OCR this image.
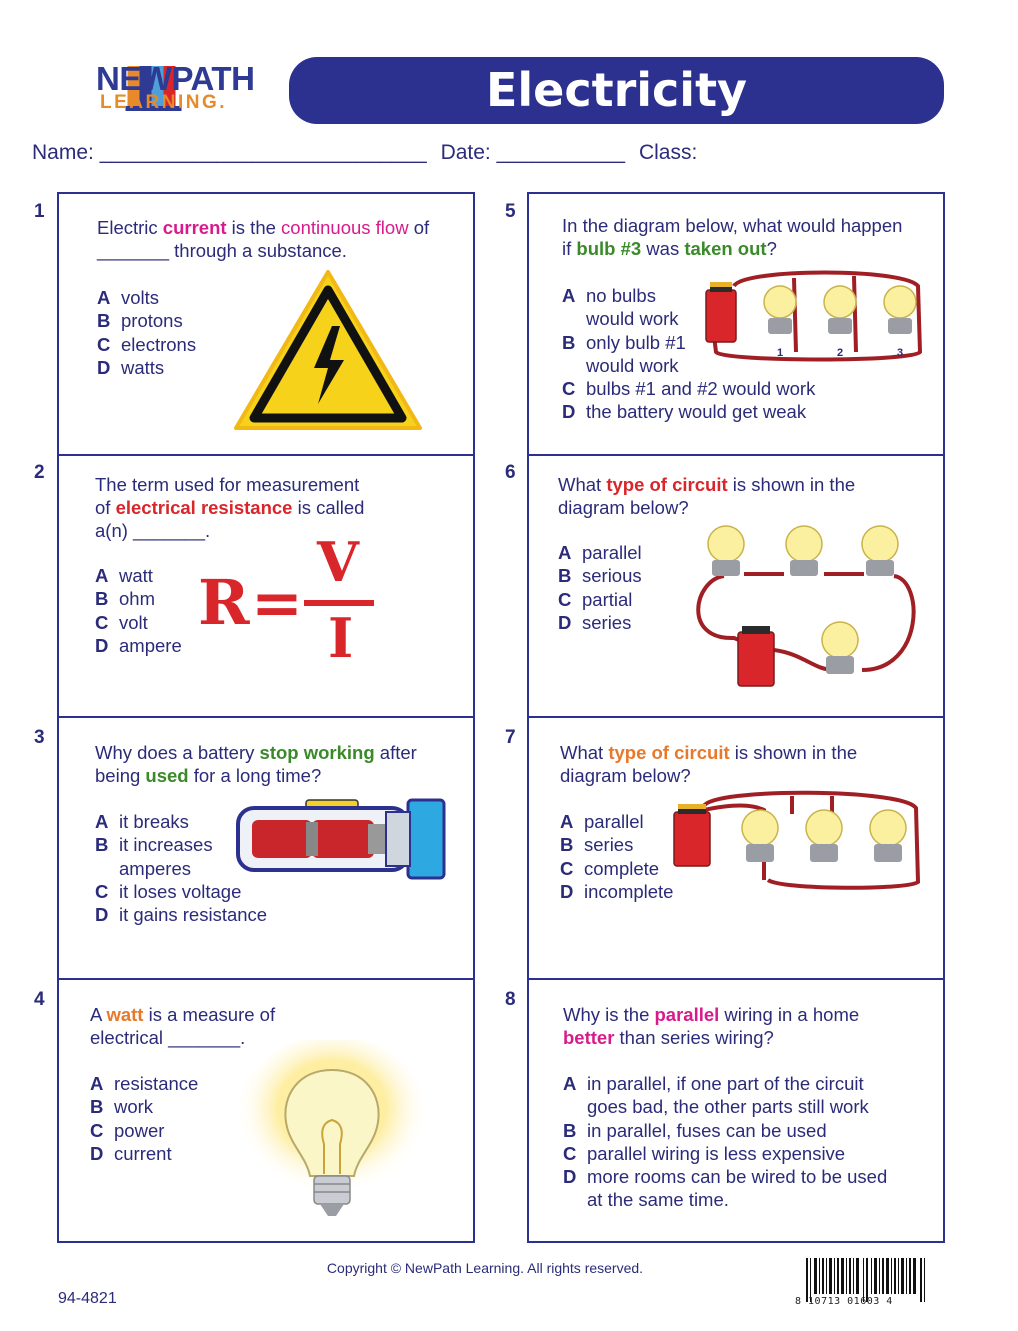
NEWPATH
LEARNING.	Electricity
Name: ____________________________ Date: ___________ Class:
1
Electric current is the continuous flow of
_______ through a substance.
A volts
B protons
C electrons
D watts
2
The term used for measurement
of electrical resistance is called
a(n) _______.
A watt
B ohm
C volt
D ampere
R =
V
I
3
Why does a battery stop working after
being used for a long time?
A it breaks
B it increases
amperes
C it loses voltage
D it gains resistance
4
A watt is a measure of
electrical _______.
A resistance
B work
C power
D current
5
In the diagram below, what would happen
if bulb #3 was taken out?
A no bulbs
would work
B only bulb #1
would work
C bulbs #1 and #2 would work
D the battery would get weak
1	2	3
6
What type of circuit is shown in the
diagram below?
A parallel
B serious
C partial
D series
7
What type of circuit is shown in the
diagram below?
A parallel
B series
C complete
D incomplete
8
Why is the parallel wiring in a home
better than series wiring?
A in parallel, if one part of the circuit
goes bad, the other parts still work
B in parallel, fuses can be used
C parallel wiring is less expensive
D more rooms can be wired to be used
at the same time.
Copyright © NewPath Learning. All rights reserved.
94-4821	8 10713 01603 4
